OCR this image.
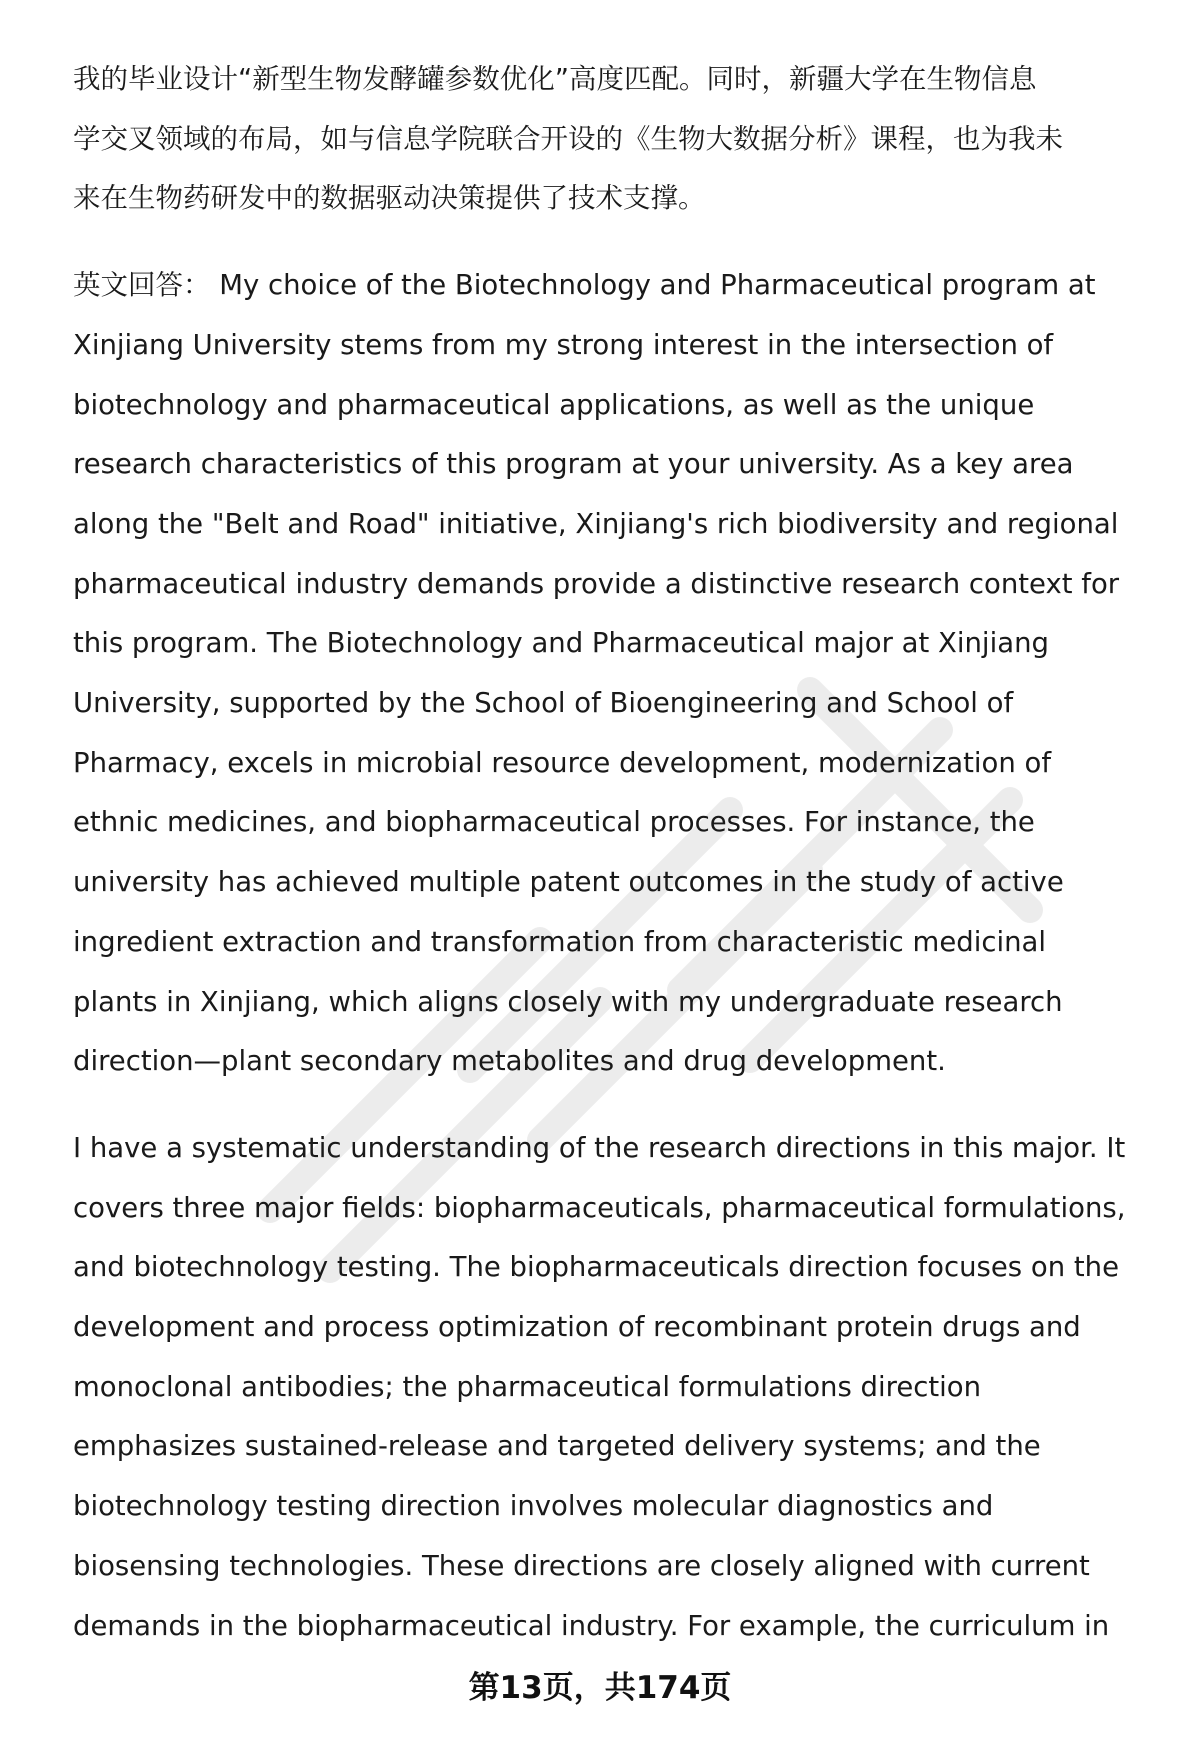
我的毕业设计“新型生物发酵罐参数优化”高度匹配。同时，新疆大学在生物信息
学交叉领域的布局，如与信息学院联合开设的《生物大数据分析》课程，也为我未
来在生物药研发中的数据驱动决策提供了技术支撑。

英文回答： My choice of the Biotechnology and Pharmaceutical program at
Xinjiang University stems from my strong interest in the intersection of
biotechnology and pharmaceutical applications, as well as the unique
research characteristics of this program at your university. As a key area
along the "Belt and Road" initiative, Xinjiang's rich biodiversity and regional
pharmaceutical industry demands provide a distinctive research context for
this program. The Biotechnology and Pharmaceutical major at Xinjiang
University, supported by the School of Bioengineering and School of
Pharmacy, excels in microbial resource development, modernization of
ethnic medicines, and biopharmaceutical processes. For instance, the
university has achieved multiple patent outcomes in the study of active
ingredient extraction and transformation from characteristic medicinal
plants in Xinjiang, which aligns closely with my undergraduate research
direction—plant secondary metabolites and drug development.

I have a systematic understanding of the research directions in this major. It
covers three major fields: biopharmaceuticals, pharmaceutical formulations,
and biotechnology testing. The biopharmaceuticals direction focuses on the
development and process optimization of recombinant protein drugs and
monoclonal antibodies; the pharmaceutical formulations direction
emphasizes sustained-release and targeted delivery systems; and the
biotechnology testing direction involves molecular diagnostics and
biosensing technologies. These directions are closely aligned with current
demands in the biopharmaceutical industry. For example, the curriculum in

第13页，共174页
